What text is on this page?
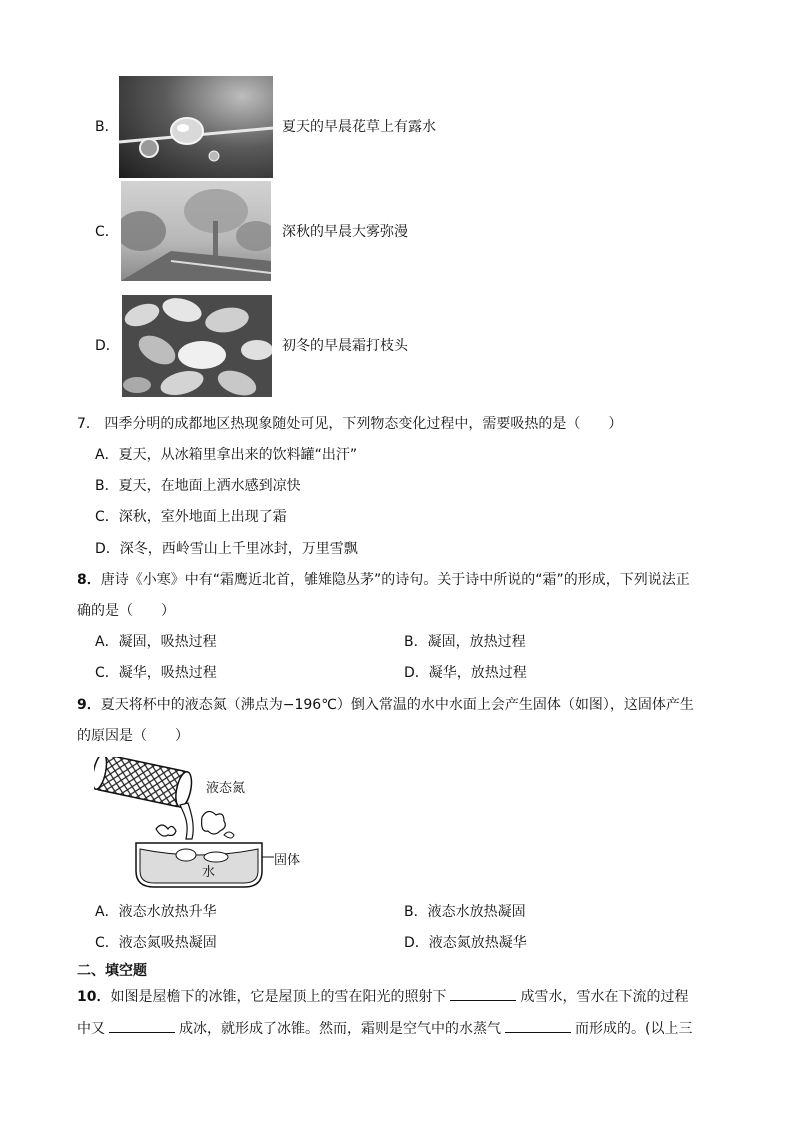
B．	夏天的早晨花草上有露水
C．	深秋的早晨大雾弥漫
D．	初冬的早晨霜打枝头
7． 四季分明的成都地区热现象随处可见，下列物态变化过程中，需要吸热的是（　　）
A．夏天，从冰箱里拿出来的饮料罐“出汗”
B．夏天，在地面上洒水感到凉快
C．深秋，室外地面上出现了霜
D．深冬，西岭雪山上千里冰封，万里雪飘
8．唐诗《小寒》中有“霜鹰近北首，雊雉隐丛茅”的诗句。关于诗中所说的“霜”的形成，下列说法正
确的是（　　）
A．凝固，吸热过程	B．凝固，放热过程
C．凝华，吸热过程	D．凝华，放热过程
9．夏天将杯中的液态氮（沸点为−196℃）倒入常温的水中水面上会产生固体（如图），这固体产生
的原因是（　　）
液态氮
固体
水
A．液态水放热升华	B．液态水放热凝固
C．液态氮吸热凝固	D．液态氮放热凝华
二、填空题
10．如图是屋檐下的冰锥，它是屋顶上的雪在阳光的照射下	成雪水，雪水在下流的过程
中又	成冰，就形成了冰锥。然而，霜则是空气中的水蒸气	而形成的。(以上三
